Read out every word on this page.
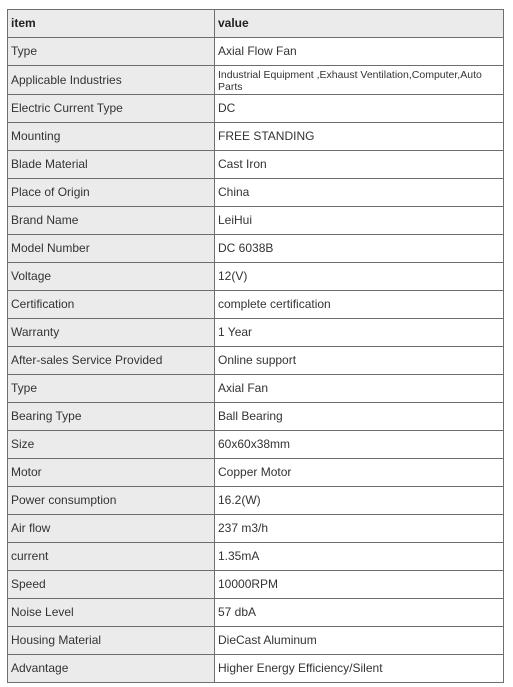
item	value
Type	Axial Flow Fan
Applicable Industries	Industrial Equipment ,Exhaust Ventilation,Computer,Auto Parts
Electric Current Type	DC
Mounting	FREE STANDING
Blade Material	Cast Iron
Place of Origin	China
Brand Name	LeiHui
Model Number	DC 6038B
Voltage	12(V)
Certification	complete certification
Warranty	1 Year
After-sales Service Provided	Online support
Type	Axial Fan
Bearing Type	Ball Bearing
Size	60x60x38mm
Motor	Copper Motor
Power consumption	16.2(W)
Air flow	237 m3/h
current	1.35mA
Speed	10000RPM
Noise Level	57 dbA
Housing Material	DieCast Aluminum
Advantage	Higher Energy Efficiency/Silent
